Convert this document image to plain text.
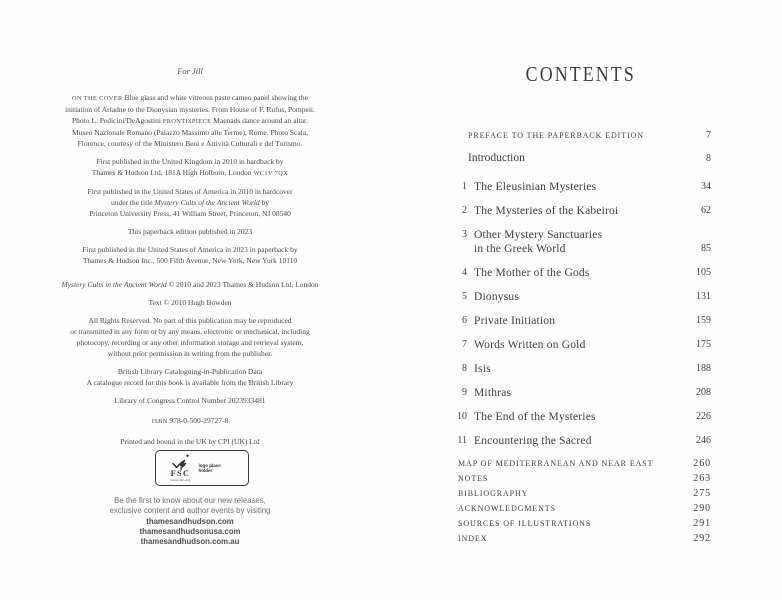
For Jill
ON THE COVER Blue glass and white vitreous paste cameo panel showing the
initiation of Ariadne to the Dionysian mysteries. From House of F. Rufus, Pompeii.
Photo L. Pedicini/DeAgostini FRONTISPIECE Maenads dance around an altar.
Museo Nazionale Romano (Palazzo Massimo alle Terme), Rome. Photo Scala,
Florence, courtesy of the Ministero Beni e Attività Culturali e del Turismo.
First published in the United Kingdom in 2010 in hardback by
Thames & Hudson Ltd, 181A High Holborn, London WC1V 7QX
First published in the United States of America in 2010 in hardcover
under the title Mystery Cults of the Ancient World by
Princeton University Press, 41 William Street, Princeton, NJ 08540
This paperback edition published in 2023
First published in the United States of America in 2023 in paperback by
Thames & Hudson Inc., 500 Fifth Avenue, New York, New York 10110
Mystery Cults in the Ancient World © 2010 and 2023 Thames & Hudson Ltd, London
Text © 2010 Hugh Bowden
All Rights Reserved. No part of this publication may be reproduced
or transmitted in any form or by any means, electronic or mechanical, including
photocopy, recording or any other information storage and retrieval system,
without prior permission in writing from the publisher.
British Library Cataloguing-in-Publication Data
A catalogue record for this book is available from the British Library
Library of Congress Control Number 2023933481
ISBN 978-0-500-29727-8
Printed and bound in the UK by CPI (UK) Ltd
FSC
www.fsc.org
logo place holder
Be the first to know about our new releases,
exclusive content and author events by visiting
thamesandhudson.com
thamesandhudsonusa.com
thamesandhudson.com.au
CONTENTS
PREFACE TO THE PAPERBACK EDITION	7
Introduction	8
1 The Eleusinian Mysteries	34
2 The Mysteries of the Kabeiroi	62
3 Other Mystery Sanctuaries
in the Greek World	85
4 The Mother of the Gods	105
5 Dionysus	131
6 Private Initiation	159
7 Words Written on Gold	175
8 Isis	188
9 Mithras	208
10 The End of the Mysteries	226
11 Encountering the Sacred	246
MAP OF MEDITERRANEAN AND NEAR EAST	260
NOTES	263
BIBLIOGRAPHY	275
ACKNOWLEDGMENTS	290
SOURCES OF ILLUSTRATIONS	291
INDEX	292
